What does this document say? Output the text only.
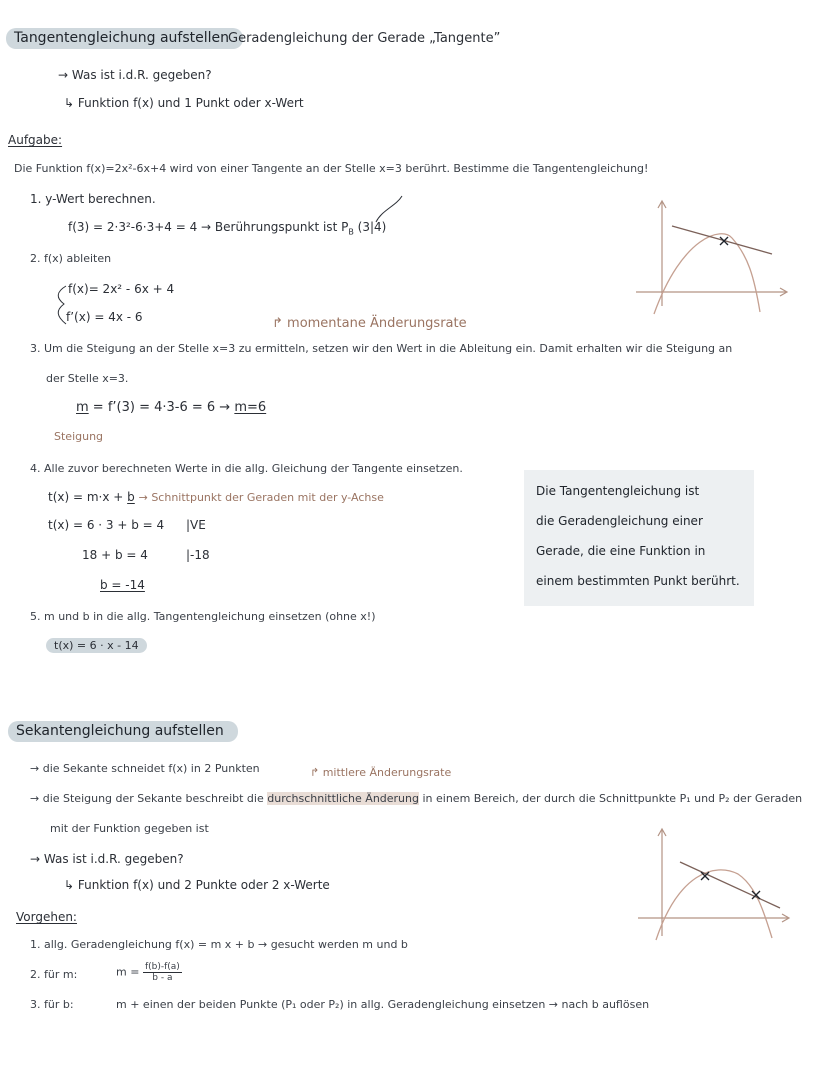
Tangentengleichung aufstellen
Geradengleichung der Gerade „Tangente”
→ Was ist i.d.R. gegeben?
↳ Funktion f(x) und 1 Punkt oder x-Wert
Aufgabe:
Die Funktion f(x)=2x²-6x+4 wird von einer Tangente an der Stelle x=3 berührt. Bestimme die Tangentengleichung!
1. y-Wert berechnen.
f(3) = 2·3²-6·3+4 = 4 → Berührungspunkt ist $P_B$ (3|4)
2. f(x) ableiten
f(x)= 2x² - 6x + 4
f’(x) = 4x - 6	↱ momentane Änderungsrate
3. Um die Steigung an der Stelle x=3 zu ermitteln, setzen wir den Wert in die Ableitung ein. Damit erhalten wir die Steigung an
der Stelle x=3.
m = f’(3) = 4·3-6 = 6 → m=6
Steigung
4. Alle zuvor berechneten Werte in die allg. Gleichung der Tangente einsetzen.
t(x) = m·x + b → Schnittpunkt der Geraden mit der y-Achse
t(x) = 6 · 3 + b = 4 |VE
18 + b = 4	|-18
b = -14
5. m und b in die allg. Tangentengleichung einsetzen (ohne x!)
t(x) = 6 · x - 14
Die Tangentengleichung ist
die Geradengleichung einer
Gerade, die eine Funktion in
einem bestimmten Punkt berührt.
Sekantengleichung aufstellen
→ die Sekante schneidet f(x) in 2 Punkten	↱ mittlere Änderungsrate
→ die Steigung der Sekante beschreibt die durchschnittliche Änderung in einem Bereich, der durch die Schnittpunkte P₁ und P₂ der Geraden
mit der Funktion gegeben ist
→ Was ist i.d.R. gegeben?
↳ Funktion f(x) und 2 Punkte oder 2 x-Werte
Vorgehen:
1. allg. Geradengleichung f(x) = m x + b → gesucht werden m und b
2. für m:	$m = \frac{f(b)-f(a)}{b - a}$
3. für b:	m + einen der beiden Punkte (P₁ oder P₂) in allg. Geradengleichung einsetzen → nach b auflösen
